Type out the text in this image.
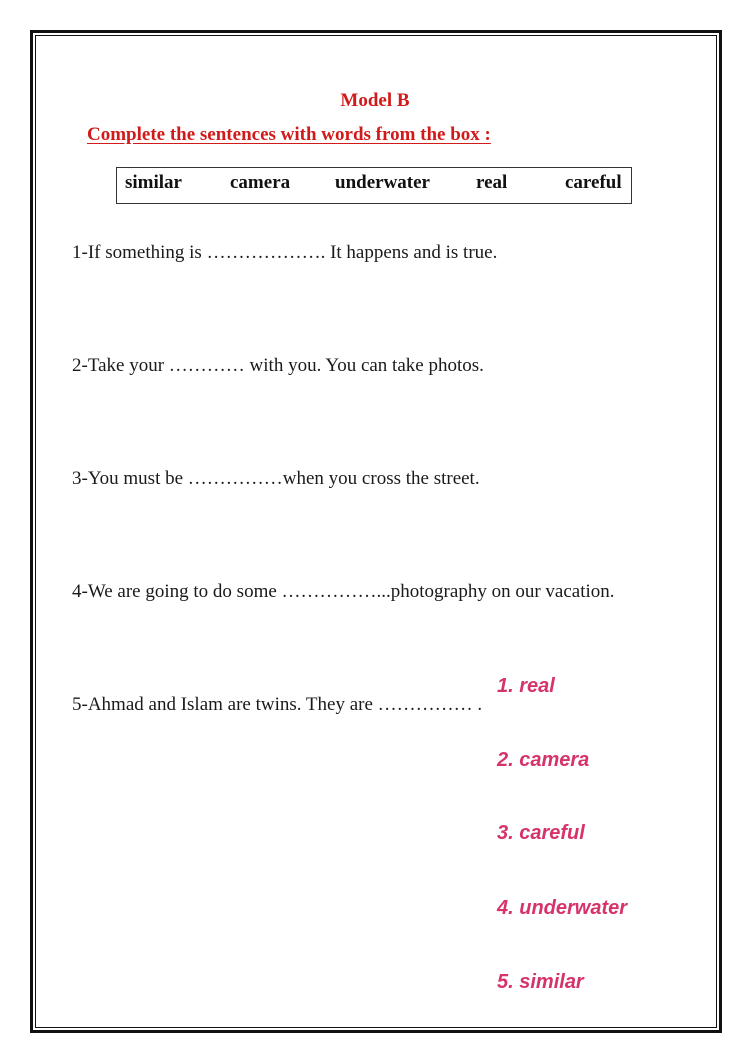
Model B
Complete the sentences with words from the box :
similar	camera underwater real	careful
1-If something is ………………. It happens and is true.
2-Take your ………… with you. You can take photos.
3-You must be ……………when you cross the street.
4-We are going to do some ……………...photography on our vacation.
5-Ahmad and Islam are twins. They are …………… .
1. real
2. camera
3. careful
4. underwater
5. similar
